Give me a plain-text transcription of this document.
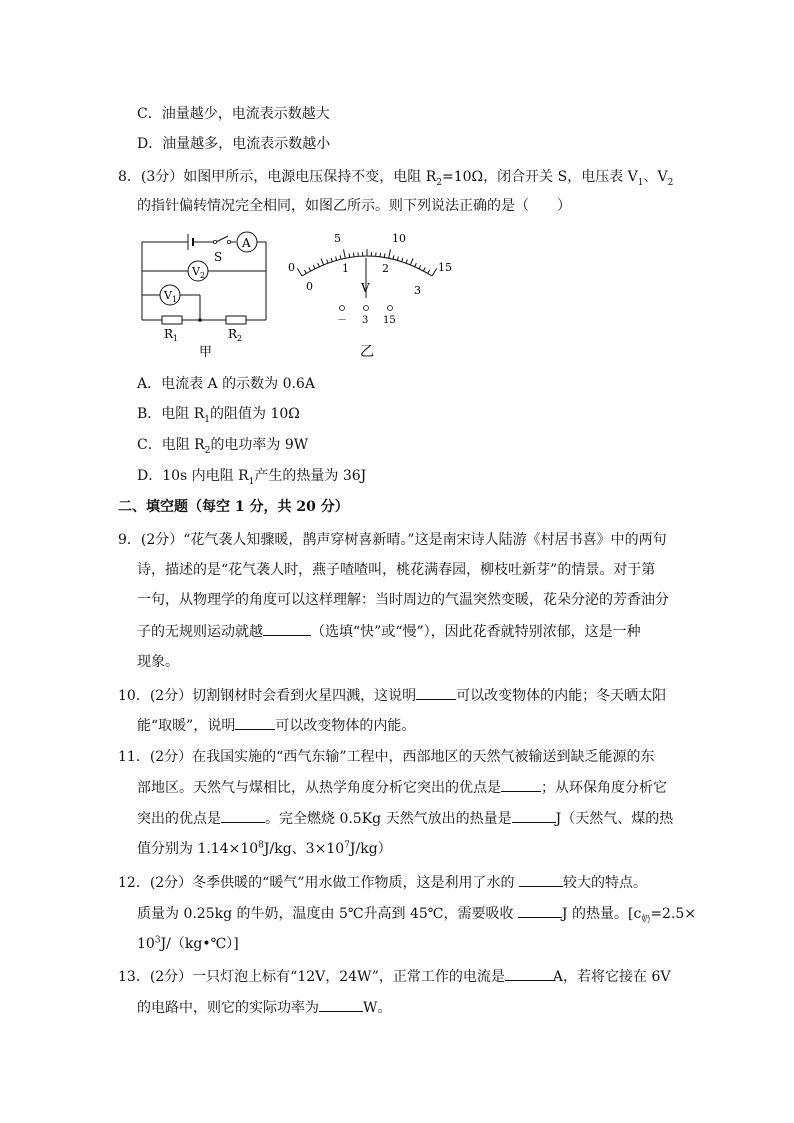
C．油量越少，电流表示数越大
D．油量越多，电流表示数越小
8．(3分）如图甲所示，电源电压保持不变，电阻 $R_2=10\Omega$，闭合开关 S，电压表 $V_1$、$V_2$
的指针偏转情况完全相同，如图乙所示。则下列说法正确的是（　　）
S
A
$V_2$
$V_1$
$R_1$	$R_2$
甲
0
5	10
15
0
1	2
3
V
－ 3 15
乙
A．电流表 A 的示数为 0.6A
B．电阻 $R_1$的阻值为 10Ω
C．电阻 $R_2$的电功率为 9W
D．10s 内电阻 $R_1$产生的热量为 36J
二、填空题（每空 1 分，共 20 分）
9．(2分）“花气袭人知骤暖，鹊声穿树喜新晴。”这是南宋诗人陆游《村居书喜》中的两句
诗，描述的是“花气袭人时，燕子喳喳叫，桃花满春园，柳枝吐新芽”的情景。对于第
一句，从物理学的角度可以这样理解：当时周边的气温突然变暖，花朵分泌的芳香油分
子的无规则运动就越	（选填“快”或“慢”），因此花香就特别浓郁，这是一种
现象。
10．(2分）切割钢材时会看到火星四溅，这说明	可以改变物体的内能；冬天晒太阳
能“取暖”，说明	可以改变物体的内能。
11．(2分）在我国实施的“西气东输”工程中，西部地区的天然气被输送到缺乏能源的东
部地区。天然气与煤相比，从热学角度分析它突出的优点是	；从环保角度分析它
突出的优点是	。完全燃烧 0.5Kg 天然气放出的热量是	J（天然气、煤的热
值分别为 $1.14\times 10^8J/kg$、$3\times 10^7J/kg$）
12．(2分）冬季供暖的“暖气”用水做工作物质，这是利用了水的	较大的特点。
质量为 0.25kg 的牛奶，温度由 5℃升高到 45℃，需要吸收	J 的热量。[$c_奶=2.5\times$
$10^3J/(kg•℃)$]
13．(2分）一只灯泡上标有“12V，24W”，正常工作的电流是	A，若将它接在 6V
的电路中，则它的实际功率为	W。
